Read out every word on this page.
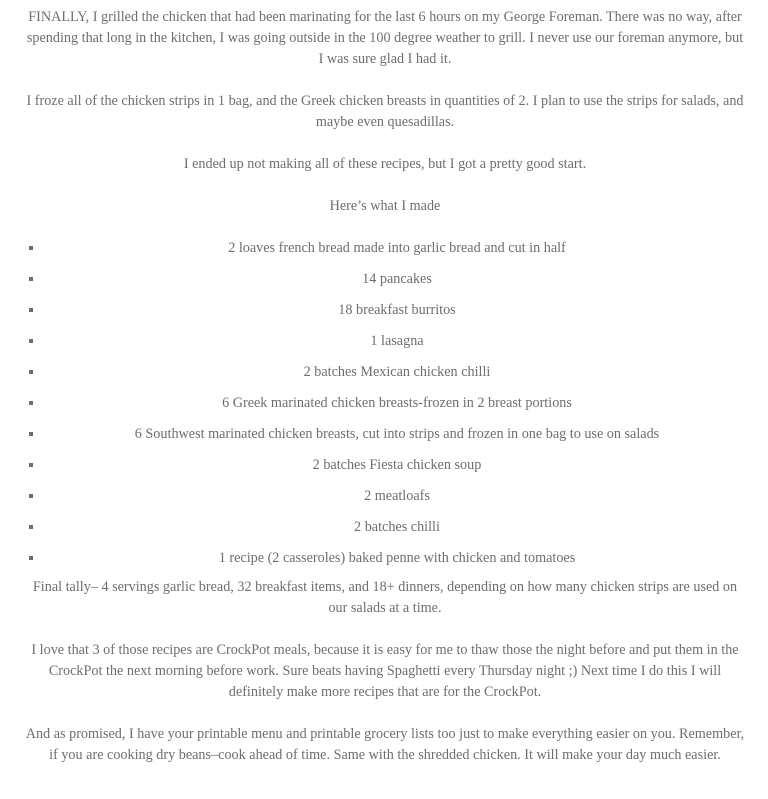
FINALLY, I grilled the chicken that had been marinating for the last 6 hours on my George Foreman. There was no way, after spending that long in the kitchen, I was going outside in the 100 degree weather to grill. I never use our foreman anymore, but I was sure glad I had it.

I froze all of the chicken strips in 1 bag, and the Greek chicken breasts in quantities of 2. I plan to use the strips for salads, and maybe even quesadillas.

I ended up not making all of these recipes, but I got a pretty good start.

Here’s what I made

2 loaves french bread made into garlic bread and cut in half
14 pancakes
18 breakfast burritos
1 lasagna
2 batches Mexican chicken chilli
6 Greek marinated chicken breasts-frozen in 2 breast portions
6 Southwest marinated chicken breasts, cut into strips and frozen in one bag to use on salads
2 batches Fiesta chicken soup
2 meatloafs
2 batches chilli
1 recipe (2 casseroles) baked penne with chicken and tomatoes

Final tally– 4 servings garlic bread, 32 breakfast items, and 18+ dinners, depending on how many chicken strips are used on our salads at a time.

I love that 3 of those recipes are CrockPot meals, because it is easy for me to thaw those the night before and put them in the CrockPot the next morning before work. Sure beats having Spaghetti every Thursday night ;) Next time I do this I will definitely make more recipes that are for the CrockPot.

And as promised, I have your printable menu and printable grocery lists too just to make everything easier on you. Remember, if you are cooking dry beans–cook ahead of time. Same with the shredded chicken. It will make your day much easier.
